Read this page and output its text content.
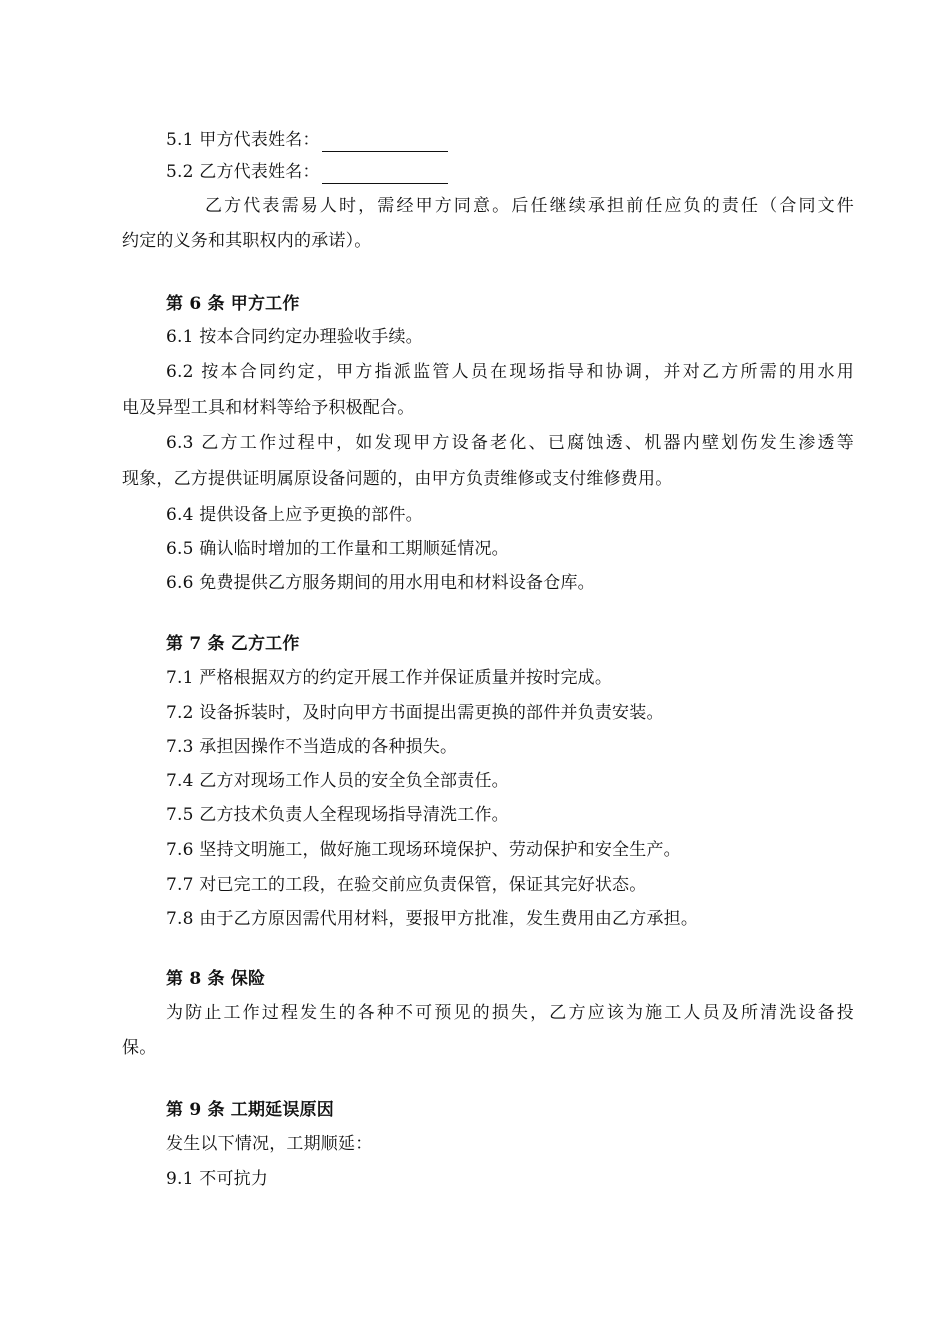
5.1 甲方代表姓名：

5.2 乙方代表姓名：

乙方代表需易人时，需经甲方同意。后任继续承担前任应负的责任（合同文件

约定的义务和其职权内的承诺）。

第 6 条 甲方工作

6.1 按本合同约定办理验收手续。

6.2 按本合同约定，甲方指派监管人员在现场指导和协调，并对乙方所需的用水用

电及异型工具和材料等给予积极配合。

6.3 乙方工作过程中，如发现甲方设备老化、已腐蚀透、机器内壁划伤发生渗透等

现象，乙方提供证明属原设备问题的，由甲方负责维修或支付维修费用。

6.4 提供设备上应予更换的部件。

6.5 确认临时增加的工作量和工期顺延情况。

6.6 免费提供乙方服务期间的用水用电和材料设备仓库。

第 7 条 乙方工作

7.1 严格根据双方的约定开展工作并保证质量并按时完成。

7.2 设备拆装时，及时向甲方书面提出需更换的部件并负责安装。

7.3 承担因操作不当造成的各种损失。

7.4 乙方对现场工作人员的安全负全部责任。

7.5 乙方技术负责人全程现场指导清洗工作。

7.6 坚持文明施工，做好施工现场环境保护、劳动保护和安全生产。

7.7 对已完工的工段，在验交前应负责保管，保证其完好状态。

7.8 由于乙方原因需代用材料，要报甲方批准，发生费用由乙方承担。

第 8 条 保险

为防止工作过程发生的各种不可预见的损失，乙方应该为施工人员及所清洗设备投

保。

第 9 条 工期延误原因

发生以下情况，工期顺延：

9.1 不可抗力
